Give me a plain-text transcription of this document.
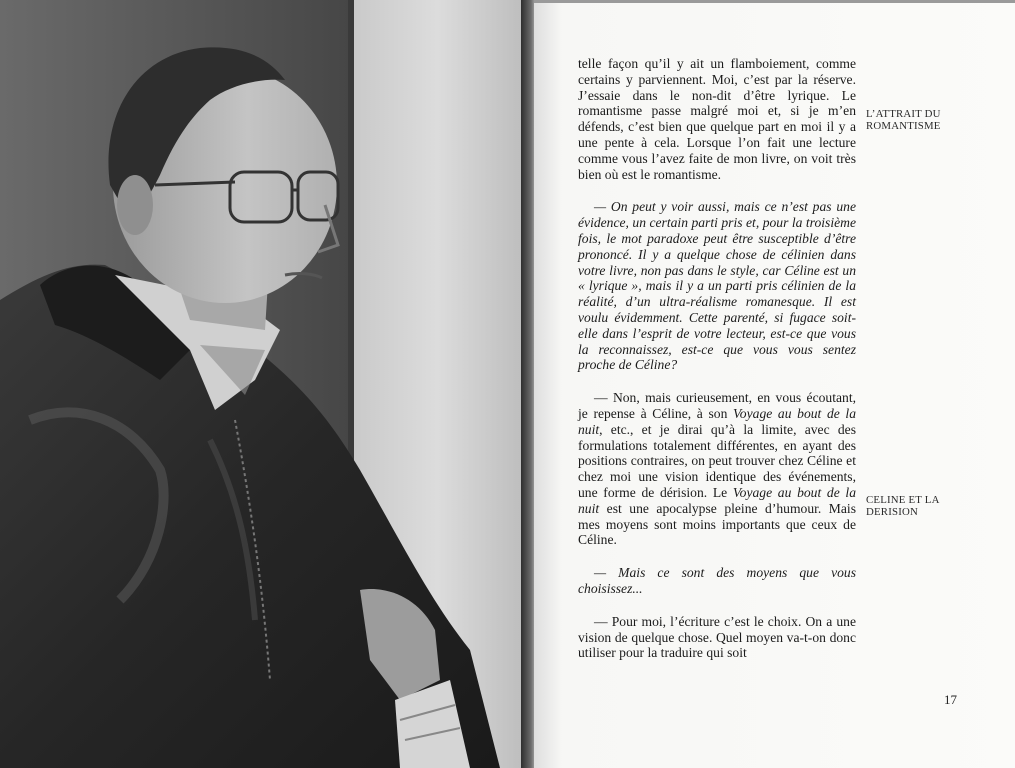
telle façon qu’il y ait un flamboiement, comme certains y parviennent. Moi, c’est par la réserve. J’essaie dans le non-dit d’être lyrique. Le romantisme passe malgré moi et, si je m’en défends, c’est bien que quelque part en moi il y a une pente à cela. Lorsque l’on fait une lecture comme vous l’avez faite de mon livre, on voit très bien où est le romantisme.

— On peut y voir aussi, mais ce n’est pas une évidence, un certain parti pris et, pour la troisième fois, le mot paradoxe peut être susceptible d’être prononcé. Il y a quelque chose de célinien dans votre livre, non pas dans le style, car Céline est un « lyrique », mais il y a un parti pris célinien de la réalité, d’un ultra-réalisme romanesque. Il est voulu évidemment. Cette parenté, si fugace soit-elle dans l’esprit de votre lecteur, est-ce que vous la reconnaissez, est-ce que vous vous sentez proche de Céline?

— Non, mais curieusement, en vous écoutant, je repense à Céline, à son Voyage au bout de la nuit, etc., et je dirai qu’à la limite, avec des formulations totalement différentes, en ayant des positions contraires, on peut trouver chez Céline et chez moi une vision identique des événements, une forme de dérision. Le Voyage au bout de la nuit est une apocalypse pleine d’humour. Mais mes moyens sont moins importants que ceux de Céline.

— Mais ce sont des moyens que vous choisissez...

— Pour moi, l’écriture c’est le choix. On a une vision de quelque chose. Quel moyen va-t-on donc utiliser pour la traduire qui soit

L’ATTRAIT DU
ROMANTISME
CELINE ET LA
DERISION
17
